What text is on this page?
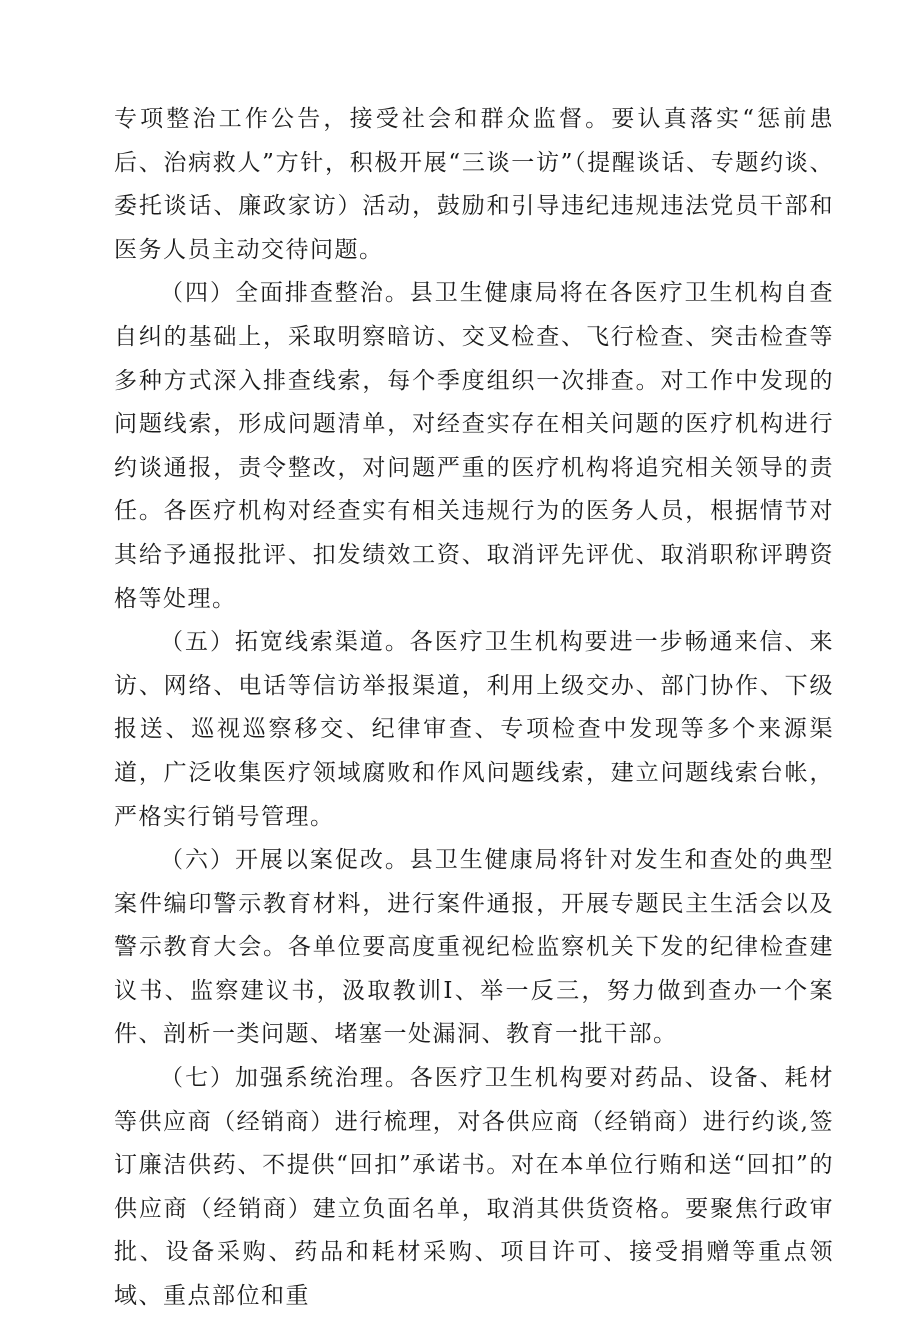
专项整治工作公告，接受社会和群众监督。要认真落实“惩前患后、治病救人”方针，积极开展“三谈一访”（提醒谈话、专题约谈、委托谈话、廉政家访）活动，鼓励和引导违纪违规违法党员干部和医务人员主动交待问题。

（四）全面排查整治。县卫生健康局将在各医疗卫生机构自查自纠的基础上，采取明察暗访、交叉检查、飞行检查、突击检查等多种方式深入排查线索，每个季度组织一次排查。对工作中发现的问题线索，形成问题清单，对经查实存在相关问题的医疗机构进行约谈通报，责令整改，对问题严重的医疗机构将追究相关领导的责任。各医疗机构对经查实有相关违规行为的医务人员，根据情节对其给予通报批评、扣发绩效工资、取消评先评优、取消职称评聘资格等处理。

（五）拓宽线索渠道。各医疗卫生机构要进一步畅通来信、来访、网络、电话等信访举报渠道，利用上级交办、部门协作、下级报送、巡视巡察移交、纪律审查、专项检查中发现等多个来源渠道，广泛收集医疗领域腐败和作风问题线索，建立问题线索台帐，严格实行销号管理。

（六）开展以案促改。县卫生健康局将针对发生和查处的典型案件编印警示教育材料，进行案件通报，开展专题民主生活会以及警示教育大会。各单位要高度重视纪检监察机关下发的纪律检查建议书、监察建议书，汲取教训I、举一反三，努力做到查办一个案件、剖析一类问题、堵塞一处漏洞、教育一批干部。

（七）加强系统治理。各医疗卫生机构要对药品、设备、耗材等供应商（经销商）进行梳理，对各供应商（经销商）进行约谈,签订廉洁供药、不提供“回扣”承诺书。对在本单位行贿和送“回扣”的供应商（经销商）建立负面名单，取消其供货资格。要聚焦行政审批、设备采购、药品和耗材采购、项目许可、接受捐赠等重点领域、重点部位和重
